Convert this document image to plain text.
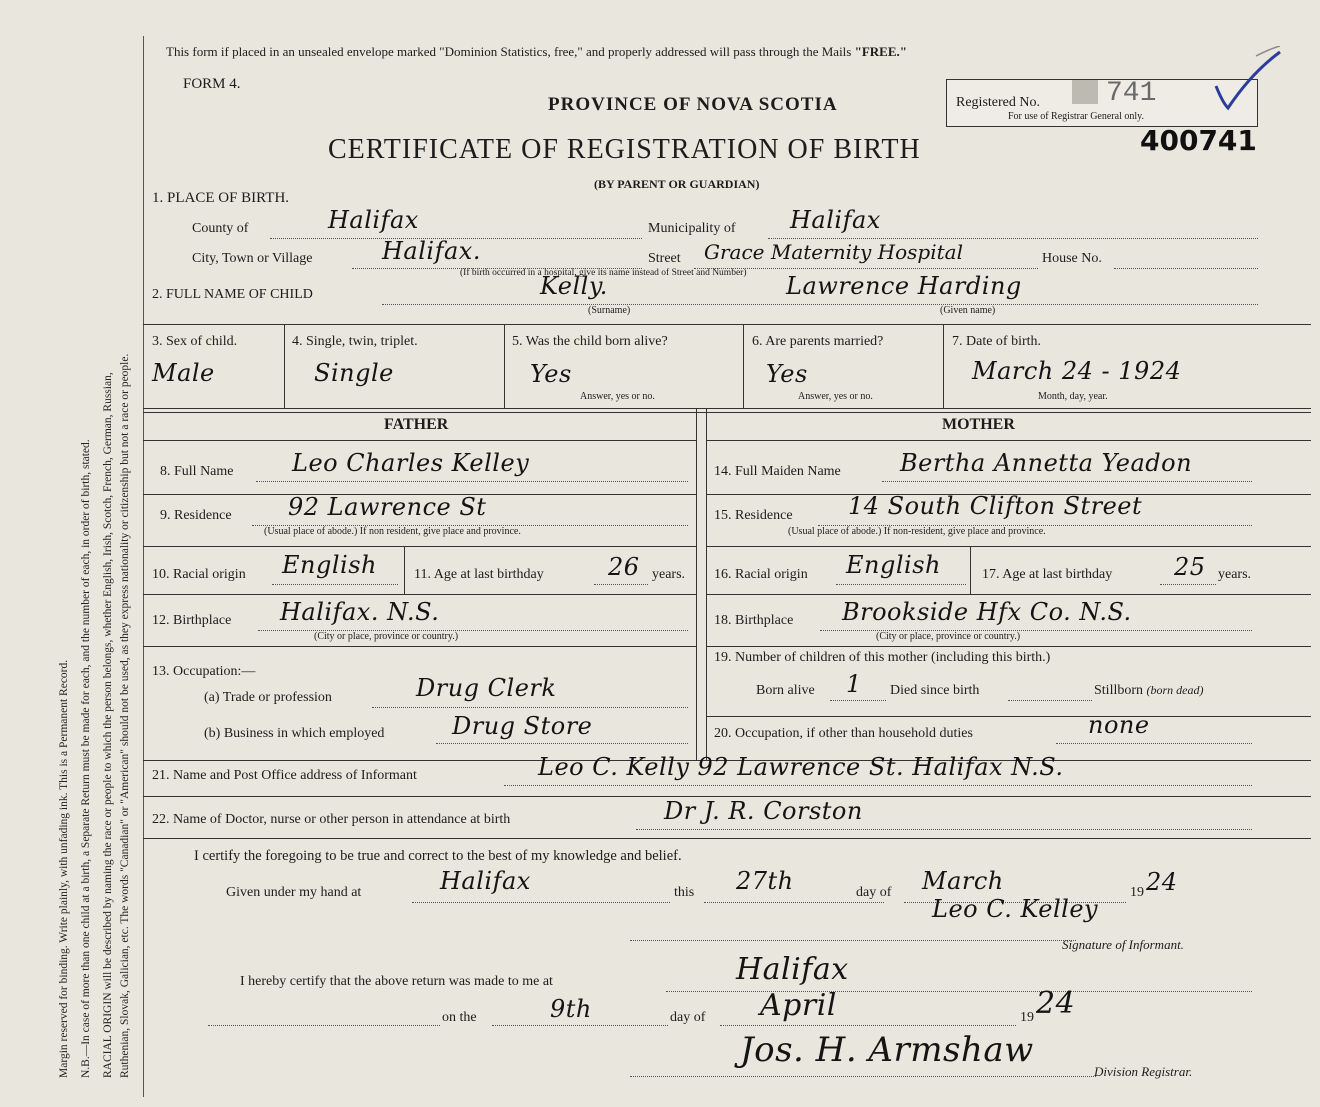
Margin reserved for binding. Write plainly, with unfading ink. This is a Permanent Record. N.B.—In case of more than one child at a birth, a Separate Return must be made for each, and the number of each, in order of birth, stated. RACIAL ORIGIN will be described by naming the race or people to which the person belongs, whether English, Irish, Scotch, French, German, Russian, Ruthenian, Slovak, Galician, etc. The words "Canadian" or "American" should not be used, as they express nationality or citizenship but not a race or people.
This form if placed in an unsealed envelope marked "Dominion Statistics, free," and properly addressed will pass through the Mails "FREE."
FORM 4.
PROVINCE OF NOVA SCOTIA
CERTIFICATE OF REGISTRATION OF BIRTH
(BY PARENT OR GUARDIAN)
Registered No. 741
For use of Registrar General only.
400741
1. PLACE OF BIRTH.
County of	Halifax	Municipality of Halifax
City, Town or Village	Halifax.	Street Grace Maternity Hospital	House No.
(If birth occurred in a hospital, give its name instead of Street and Number)
2. FULL NAME OF CHILD	Kelly.	Lawrence Harding
(Surname)	(Given name)
3. Sex of child.
Male
4. Single, twin, triplet.
Single
5. Was the child born alive?
Yes
Answer, yes or no.
6. Are parents married?
Yes
Answer, yes or no.
7. Date of birth.
March 24 - 1924
Month, day, year.
FATHER	MOTHER
8. Full Name Leo Charles Kelley
9. Residence 92 Lawrence St
(Usual place of abode.) If non resident, give place and province.
10. Racial origin English	11. Age at last birthday	26 years.
12. Birthplace Halifax. N.S.
(City or place, province or country.)
13. Occupation:—
(a) Trade or profession	Drug Clerk
(b) Business in which employed	Drug Store
14. Full Maiden Name Bertha Annetta Yeadon
15. Residence 14 South Clifton Street
(Usual place of abode.) If non-resident, give place and province.
16. Racial origin English	17. Age at last birthday	25 years.
18. Birthplace Brookside Hfx Co. N.S.
(City or place, province or country.)
19. Number of children of this mother (including this birth.)
Born alive 1 Died since birth	Stillborn (born dead)
20. Occupation, if other than household duties	none
21. Name and Post Office address of Informant	Leo C. Kelly 92 Lawrence St. Halifax N.S.
22. Name of Doctor, nurse or other person in attendance at birth	Dr J. R. Corston
I certify the foregoing to be true and correct to the best of my knowledge and belief.
Given under my hand at	Halifax	this 27th	day of March	19 24
Leo C. Kelley
Signature of Informant.
I hereby certify that the above return was made to me at	Halifax
on the	9th	day of April	19 24
Jos. H. Armshaw
Division Registrar.
